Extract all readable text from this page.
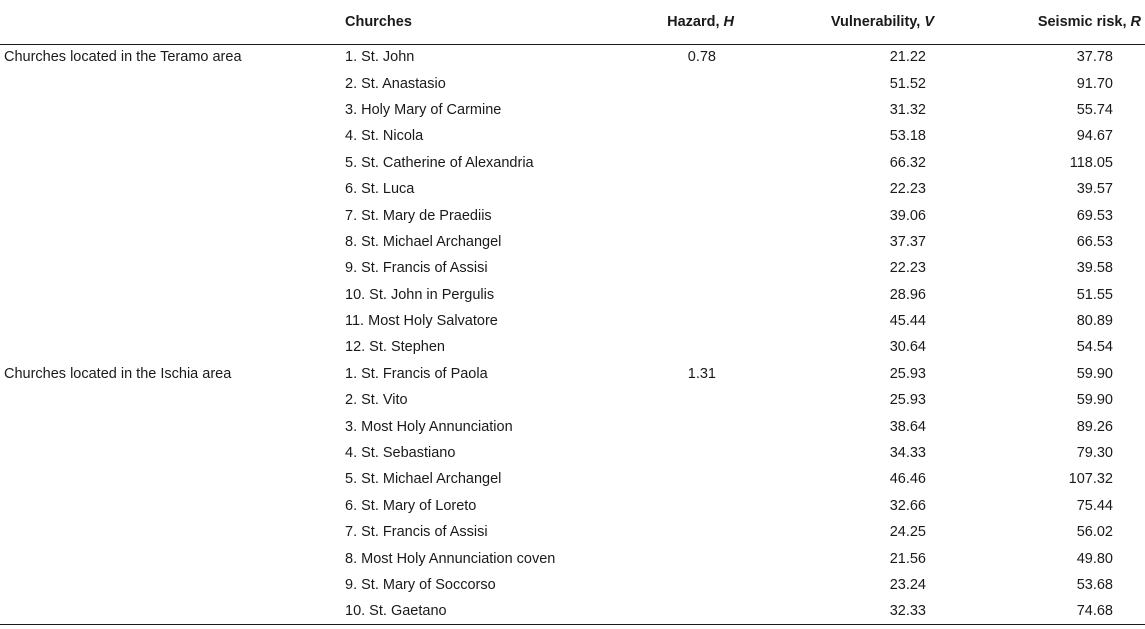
	Churches	Hazard, H	Vulnerability, V	Seismic risk, R
Churches located in the Teramo area	1. St. John	0.78	21.22	37.78
	2. St. Anastasio		51.52	91.70
	3. Holy Mary of Carmine		31.32	55.74
	4. St. Nicola		53.18	94.67
	5. St. Catherine of Alexandria		66.32	118.05
	6. St. Luca		22.23	39.57
	7. St. Mary de Praediis		39.06	69.53
	8. St. Michael Archangel		37.37	66.53
	9. St. Francis of Assisi		22.23	39.58
	10. St. John in Pergulis		28.96	51.55
	11. Most Holy Salvatore		45.44	80.89
	12. St. Stephen		30.64	54.54
Churches located in the Ischia area	1. St. Francis of Paola	1.31	25.93	59.90
	2. St. Vito		25.93	59.90
	3. Most Holy Annunciation		38.64	89.26
	4. St. Sebastiano		34.33	79.30
	5. St. Michael Archangel		46.46	107.32
	6. St. Mary of Loreto		32.66	75.44
	7. St. Francis of Assisi		24.25	56.02
	8. Most Holy Annunciation coven		21.56	49.80
	9. St. Mary of Soccorso		23.24	53.68
	10. St. Gaetano		32.33	74.68
